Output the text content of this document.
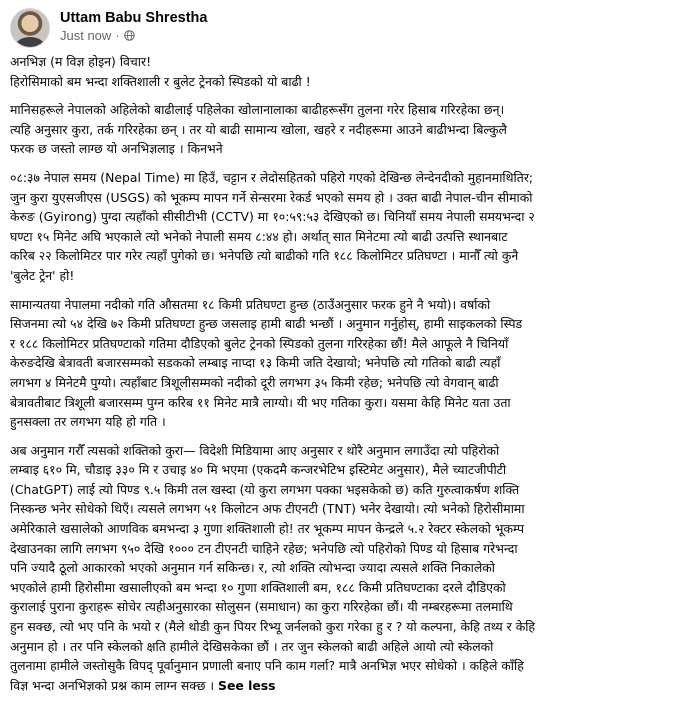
Uttam Babu Shrestha
Just now ·
अनभिज्ञ (म विज्ञ होइन) विचार!
हिरोसिमाको बम भन्दा शक्तिशाली र बुलेट ट्रेनको स्पिडको यो बाढी !
मानिसहरूले नेपालको अहिलेको बाढीलाई पहिलेका खोलानालाका बाढीहरूसँग तुलना गरेर हिसाब गरिरहेका छन्।
त्यहि अनुसार कुरा, तर्क गरिरहेका छन् । तर यो बाढी सामान्य खोला, खहरे र नदीहरूमा आउने बाढीभन्दा बिल्कुलै
फरक छ जस्तो लाग्छ यो अनभिज्ञलाइ । किनभने
०८:३७ नेपाल समय (Nepal Time) मा हिउँ, चट्टान र लेदोसहितको पहिरो गएको देखिन्छ लेन्देनदीको मुहानमाथितिर;
जुन कुरा युएसजीएस (USGS) को भूकम्प मापन गर्ने सेन्सरमा रेकर्ड भएको समय हो । उक्त बाढी नेपाल-चीन सीमाको
केरुङ (Gyirong) पुग्दा त्यहाँको सीसीटीभी (CCTV) मा १०:५९:५३ देखिएको छ। चिनियाँ समय नेपाली समयभन्दा २
घण्टा १५ मिनेट अघि भएकाले त्यो भनेको नेपाली समय ८:४४ हो। अर्थात् सात मिनेटमा त्यो बाढी उत्पत्ति स्थानबाट
करिब २२ किलोमिटर पार गरेर त्यहाँ पुगेको छ। भनेपछि त्यो बाढीको गति १८८ किलोमिटर प्रतिघण्टा । मानौँ त्यो कुनै
'बुलेट ट्रेन' हो!
सामान्यतया नेपालमा नदीको गति औसतमा १८ किमी प्रतिघण्टा हुन्छ (ठाउँअनुसार फरक हुने नै भयो)। वर्षाको
सिजनमा त्यो ५४ देखि ७२ किमी प्रतिघण्टा हुन्छ जसलाइ हामी बाढी भन्छौं । अनुमान गर्नुहोस्, हामी साइकलको स्पिड
र १८८ किलोमिटर प्रतिघण्टाको गतिमा दौडिएको बुलेट ट्रेनको स्पिडको तुलना गरिरहेका छौं! मैले आफूले नै चिनियाँ
केरुङदेखि बेत्रावती बजारसम्मको सडकको लम्बाइ नाप्दा १३ किमी जति देखायो; भनेपछि त्यो गतिको बाढी त्यहाँ
लगभग ४ मिनेटमै पुग्यो। त्यहाँबाट त्रिशूलीसम्मको नदीको दूरी लगभग ३५ किमी रहेछ; भनेपछि त्यो वेगवान् बाढी
बेत्रावतीबाट त्रिशूली बजारसम्म पुग्न करिब ११ मिनेट मात्रै लाग्यो। यी भए गतिका कुरा। यसमा केहि मिनेट यता उता
हुनसक्ला तर लगभग यहि हो गति ।
अब अनुमान गरौँ त्यसको शक्तिको कुरा— विदेशी मिडियामा आए अनुसार र थोरै अनुमान लगाउँदा त्यो पहिरोको
लम्बाइ ६१० मि, चौडाइ ३३० मि र उचाइ ४० मि भएमा (एकदमै कन्जरभेटिभ इस्टिमेट अनुसार), मैले च्याटजीपीटी
(ChatGPT) लाई त्यो पिण्ड ९.५ किमी तल खस्दा (यो कुरा लगभग पक्का भइसकेको छ) कति गुरुत्वाकर्षण शक्ति
निस्कन्छ भनेर सोधेको थिएँ। त्यसले लगभग ५१ किलोटन अफ टीएनटी (TNT) भनेर देखायो। त्यो भनेको हिरोसीमामा
अमेरिकाले खसालेको आणविक बमभन्दा ३ गुणा शक्तिशाली हो! तर भूकम्प मापन केन्द्रले ५.२ रेक्टर स्केलको भूकम्प
देखाउनका लागि लगभग ९५० देखि १००० टन टीएनटी चाहिने रहेछ; भनेपछि त्यो पहिरोको पिण्ड यो हिसाब गरेभन्दा
पनि ज्यादै ठूलो आकारको भएको अनुमान गर्न सकिन्छ। र, त्यो शक्ति त्योभन्दा ज्यादा त्यसले शक्ति निकालेको
भएकोले हामी हिरोसीमा खसालीएको बम भन्दा १० गुणा शक्तिशाली बम, १८८ किमी प्रतिघण्टाका दरले दौडिएको
कुरालाई पुराना कुराहरू सोचेर त्यहीअनुसारका सोलुसन (समाधान) का कुरा गरिरहेका छौं। यी नम्बरहरूमा तलमाथि
हुन सक्छ, त्यो भए पनि के भयो र (मैले थोडी कुन पियर रिभ्यू जर्नलको कुरा गरेका हु र ? यो कल्पना, केहि तथ्य र केहि
अनुमान हो । तर पनि स्केलको क्षति हामीले देखिसकेका छौं । तर जुन स्केलको बाढी अहिले आयो त्यो स्केलको
तुलनामा हामीले जस्तोसुकै विपद् पूर्वानुमान प्रणाली बनाए पनि काम गर्ला? मात्रै अनभिज्ञ भएर सोधेको । कहिले काँहि
विज्ञ भन्दा अनभिज्ञको प्रश्न काम लाग्न सक्छ । See less
